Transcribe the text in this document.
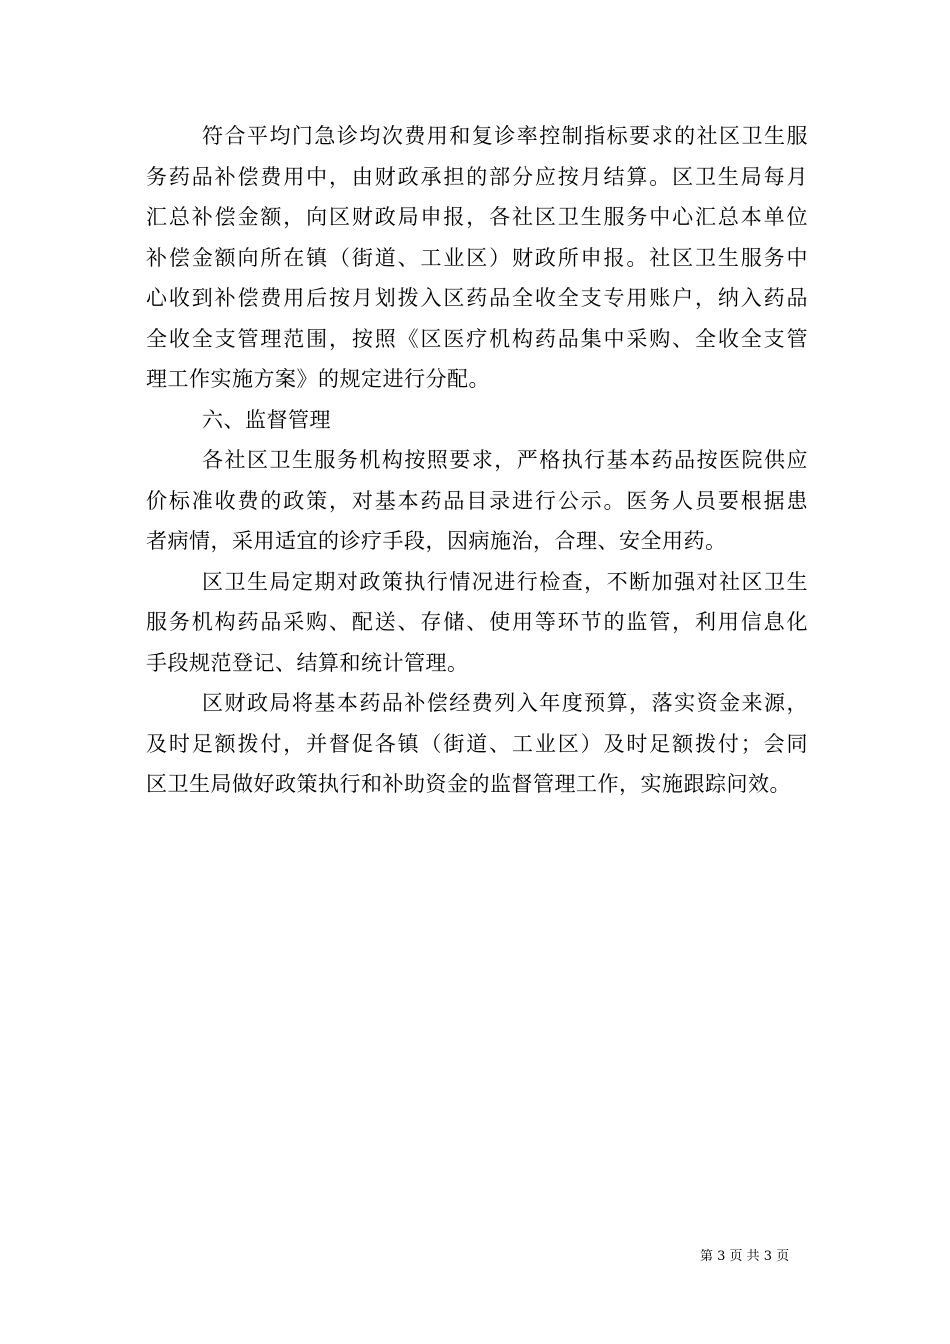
符合平均门急诊均次费用和复诊率控制指标要求的社区卫生服
务药品补偿费用中，由财政承担的部分应按月结算。区卫生局每月
汇总补偿金额，向区财政局申报，各社区卫生服务中心汇总本单位
补偿金额向所在镇（街道、工业区）财政所申报。社区卫生服务中
心收到补偿费用后按月划拨入区药品全收全支专用账户，纳入药品
全收全支管理范围，按照《区医疗机构药品集中采购、全收全支管
理工作实施方案》的规定进行分配。
六、监督管理
各社区卫生服务机构按照要求，严格执行基本药品按医院供应
价标准收费的政策，对基本药品目录进行公示。医务人员要根据患
者病情，采用适宜的诊疗手段，因病施治，合理、安全用药。
区卫生局定期对政策执行情况进行检查，不断加强对社区卫生
服务机构药品采购、配送、存储、使用等环节的监管，利用信息化
手段规范登记、结算和统计管理。
区财政局将基本药品补偿经费列入年度预算，落实资金来源，
及时足额拨付，并督促各镇（街道、工业区）及时足额拨付；会同
区卫生局做好政策执行和补助资金的监督管理工作，实施跟踪问效。
第 3 页 共 3 页
